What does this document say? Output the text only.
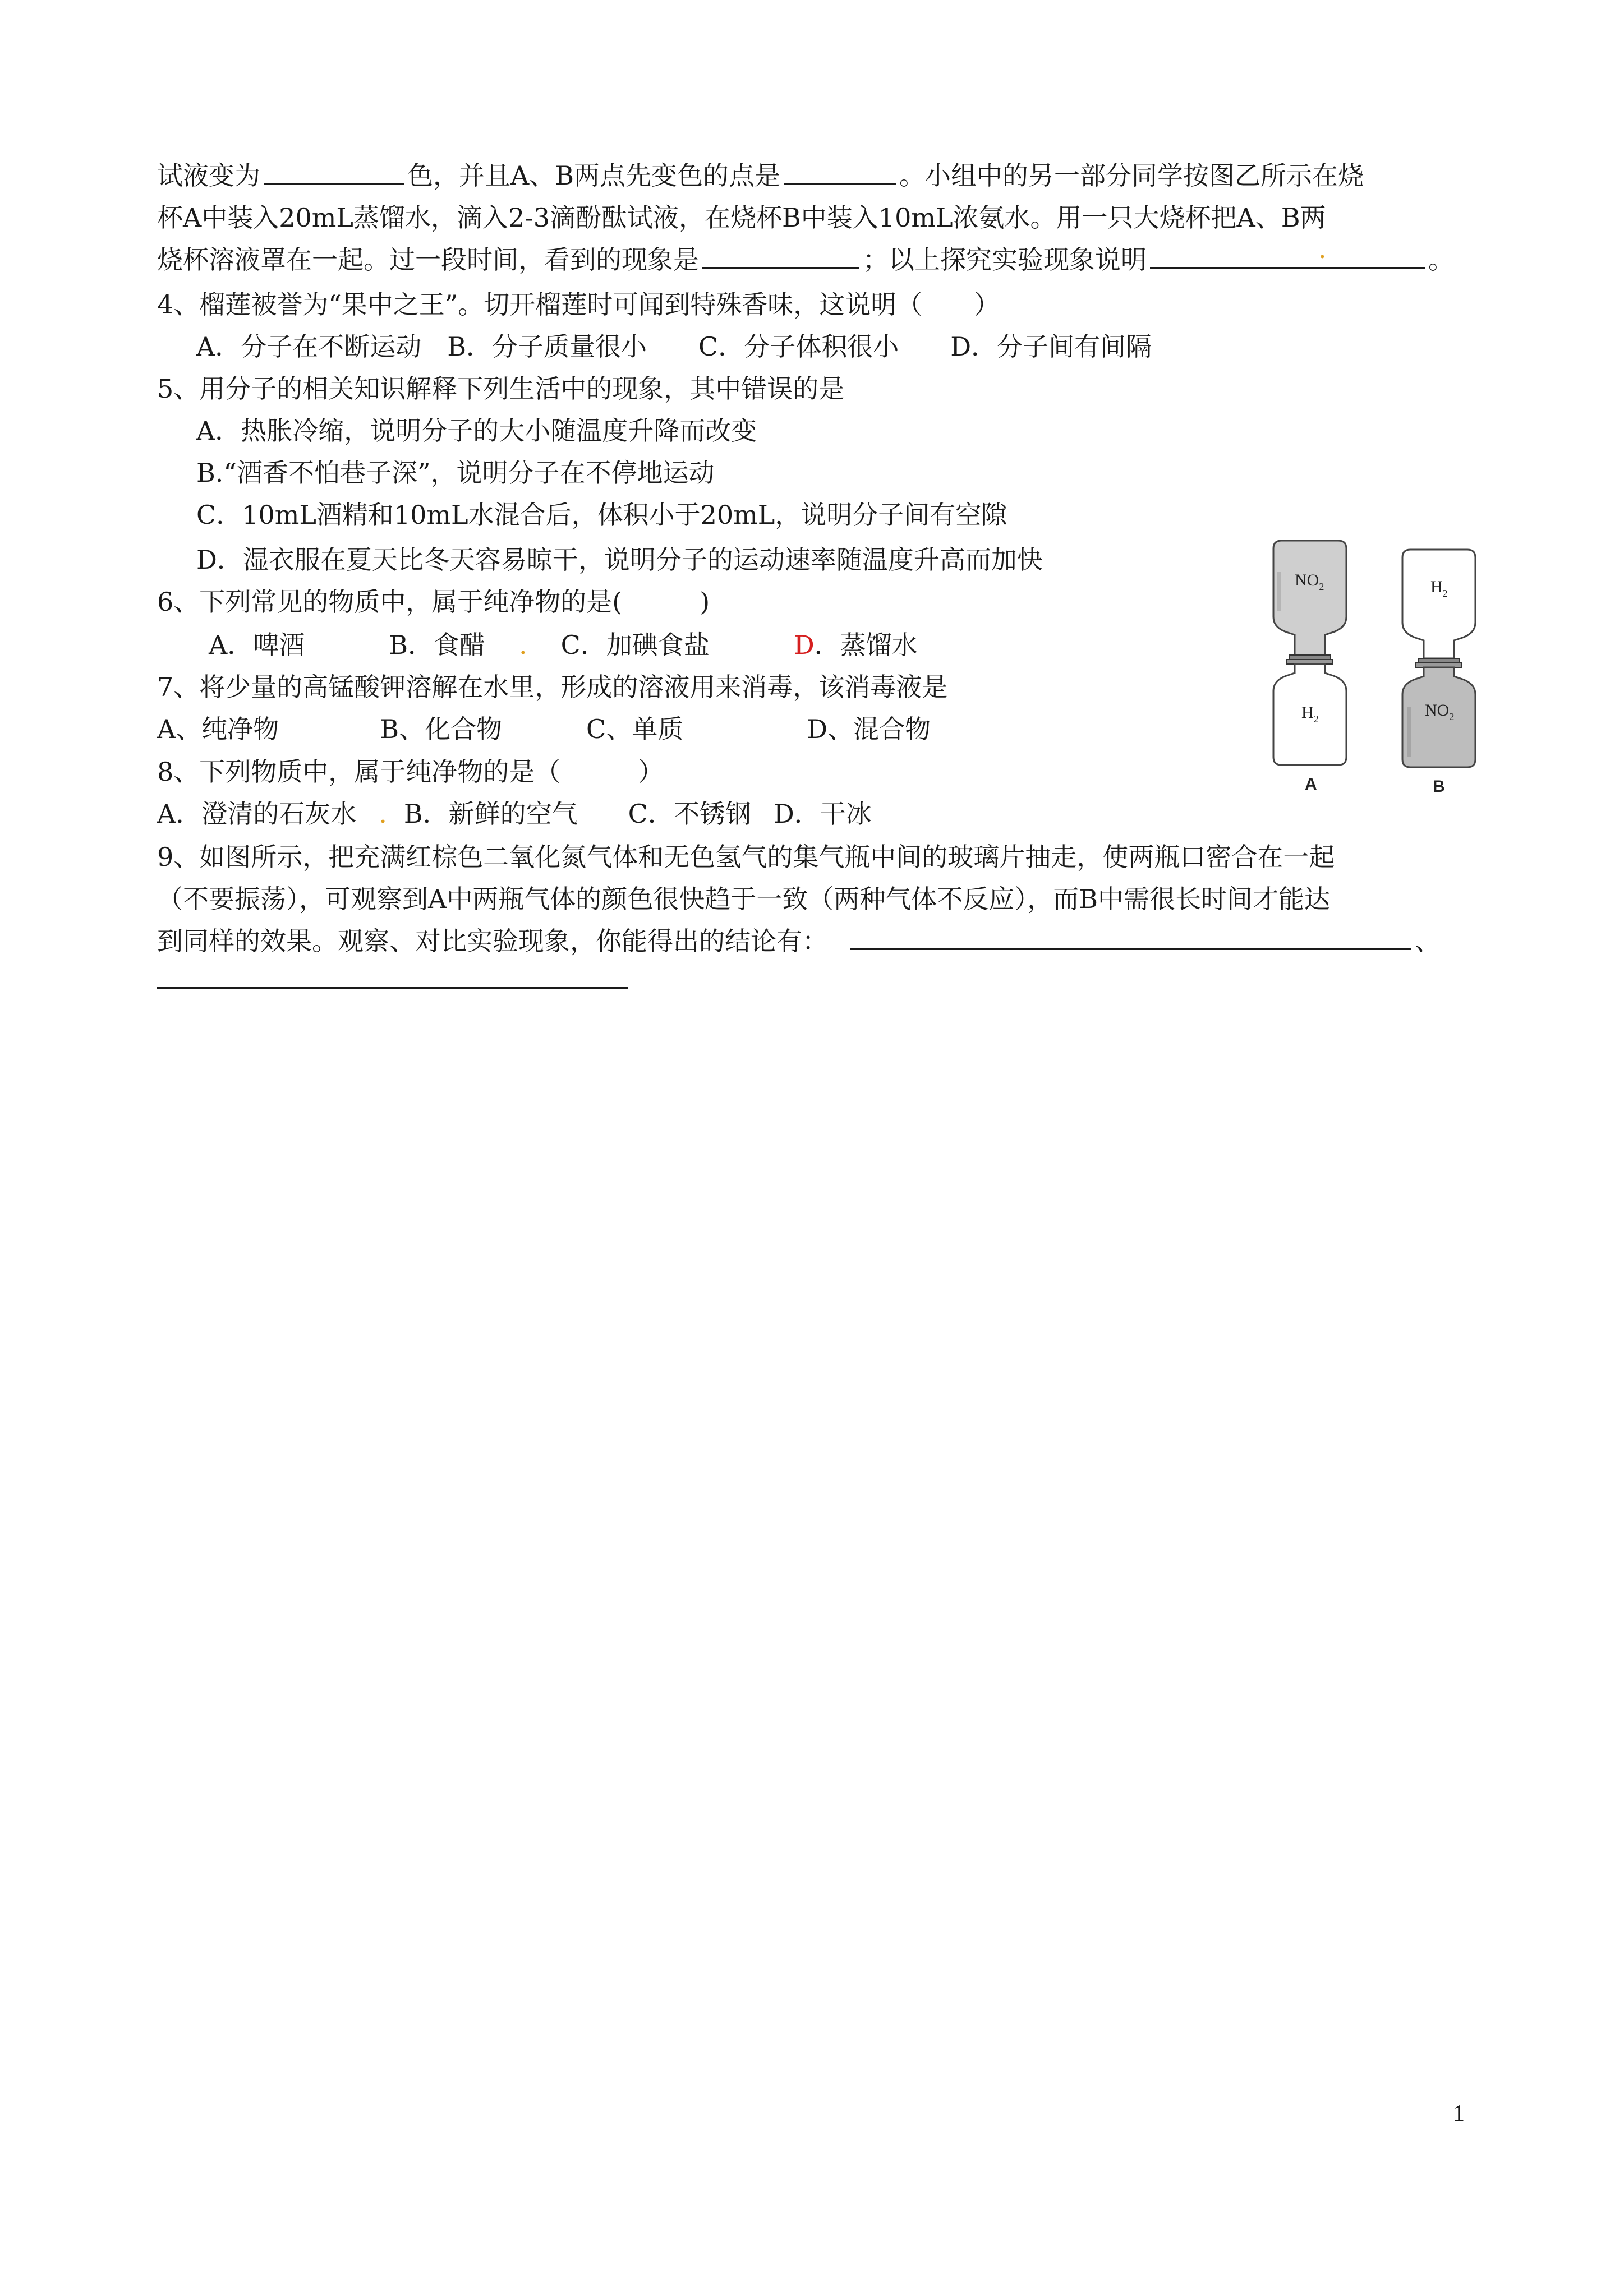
试液变为	色，并且A、B两点先变色的点是	。小组中的另一部分同学按图乙所示在烧
杯A中装入20mL蒸馏水，滴入2-3滴酚酞试液，在烧杯B中装入10mL浓氨水。用一只大烧杯把A、B两
烧杯溶液罩在一起。过一段时间，看到的现象是	；以上探究实验现象说明	.	。
4、榴莲被誉为“果中之王”。切开榴莲时可闻到特殊香味，这说明（　　）
A．分子在不断运动　B．分子质量很小　　C．分子体积很小　　D．分子间有间隔
5、用分子的相关知识解释下列生活中的现象，其中错误的是
A．热胀冷缩，说明分子的大小随温度升降而改变
B.“酒香不怕巷子深”，说明分子在不停地运动
C．10mL酒精和10mL水混合后，体积小于20mL，说明分子间有空隙
D．湿衣服在夏天比冬天容易晾干，说明分子的运动速率随温度升高而加快
6、下列常见的物质中，属于纯净物的是(　　　)
A．啤酒	B．食醋 . C．加碘食盐	D．蒸馏水
7、将少量的高锰酸钾溶解在水里，形成的溶液用来消毒，该消毒液是
A、纯净物	B、化合物	C、单质	D、混合物
8、下列物质中，属于纯净物的是（　　　）
A．澄清的石灰水 . B．新鲜的空气 C．不锈钢 D．干冰
9、如图所示，把充满红棕色二氧化氮气体和无色氢气的集气瓶中间的玻璃片抽走，使两瓶口密合在一起
（不要振荡），可观察到A中两瓶气体的颜色很快趋于一致（两种气体不反应），而B中需很长时间才能达
到同样的效果。观察、对比实验现象，你能得出的结论有：	、
$NO_2$
$H_2$
$H_2$
$NO_2$
A	B
1
